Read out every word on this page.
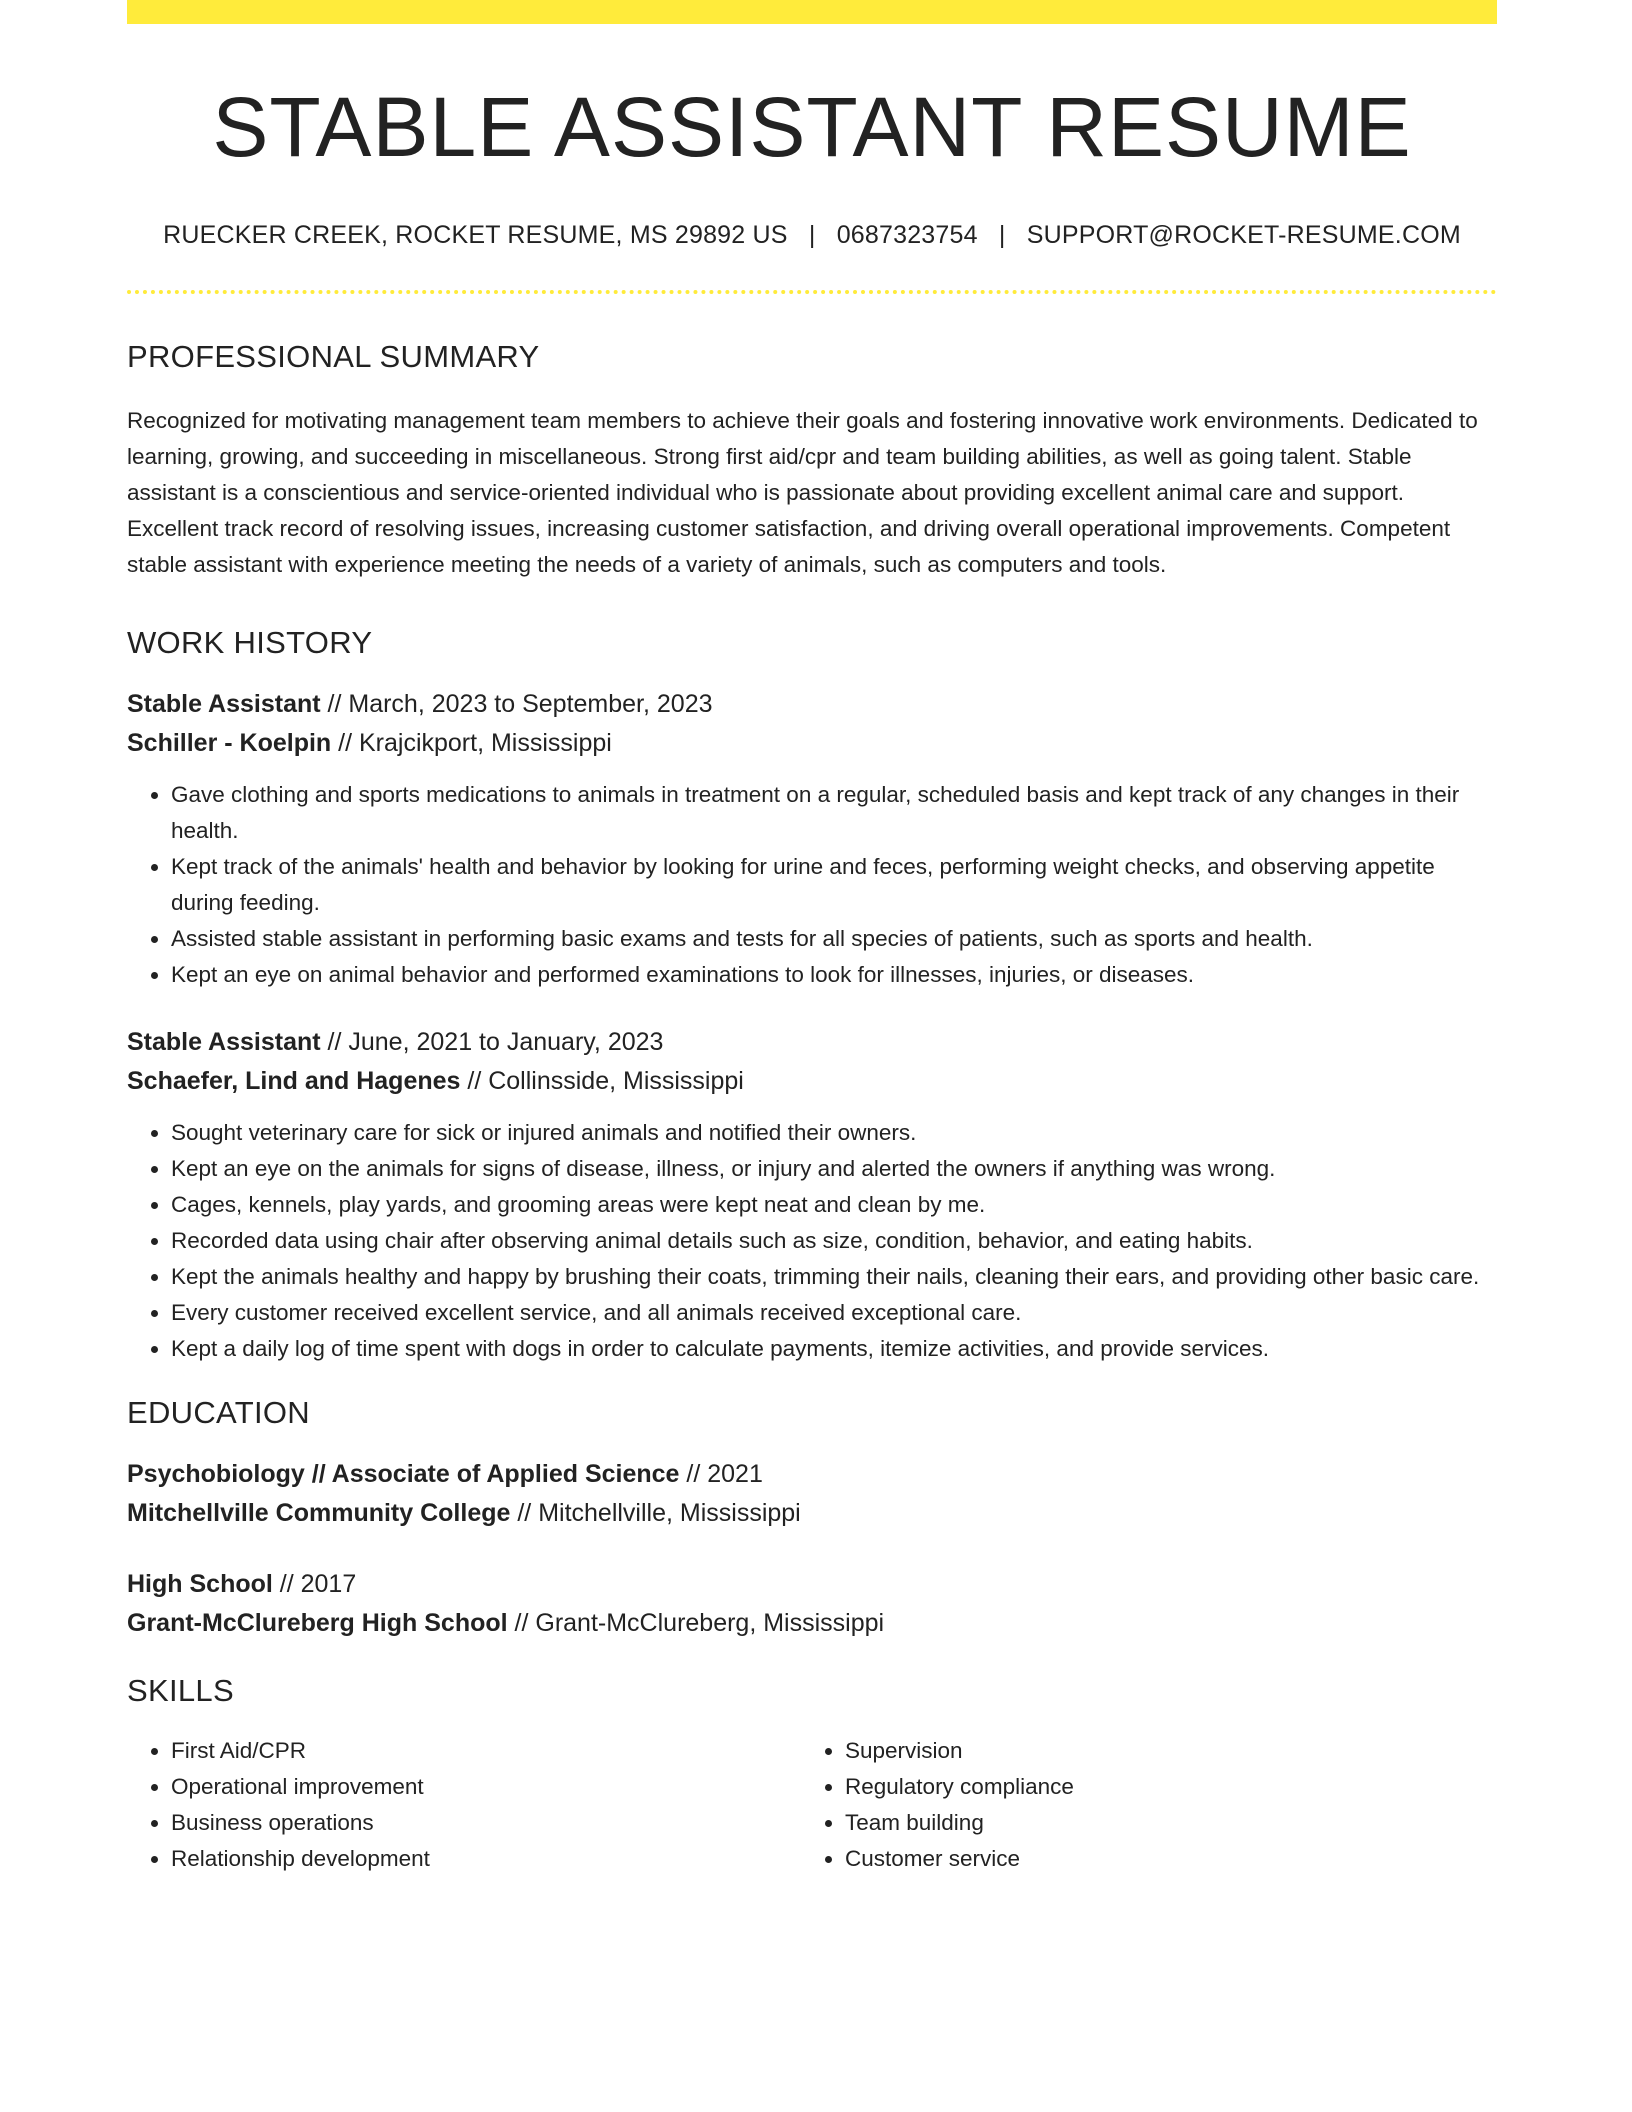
STABLE ASSISTANT RESUME
RUECKER CREEK, ROCKET RESUME, MS 29892 US | 0687323754 | SUPPORT@ROCKET-RESUME.COM
PROFESSIONAL SUMMARY
Recognized for motivating management team members to achieve their goals and fostering innovative work environments. Dedicated to learning, growing, and succeeding in miscellaneous. Strong first aid/cpr and team building abilities, as well as going talent. Stable assistant is a conscientious and service-oriented individual who is passionate about providing excellent animal care and support. Excellent track record of resolving issues, increasing customer satisfaction, and driving overall operational improvements. Competent stable assistant with experience meeting the needs of a variety of animals, such as computers and tools.
WORK HISTORY
Stable Assistant // March, 2023 to September, 2023
Schiller - Koelpin // Krajcikport, Mississippi
• Gave clothing and sports medications to animals in treatment on a regular, scheduled basis and kept track of any changes in their health.
• Kept track of the animals' health and behavior by looking for urine and feces, performing weight checks, and observing appetite during feeding.
• Assisted stable assistant in performing basic exams and tests for all species of patients, such as sports and health.
• Kept an eye on animal behavior and performed examinations to look for illnesses, injuries, or diseases.
Stable Assistant // June, 2021 to January, 2023
Schaefer, Lind and Hagenes // Collinsside, Mississippi
• Sought veterinary care for sick or injured animals and notified their owners.
• Kept an eye on the animals for signs of disease, illness, or injury and alerted the owners if anything was wrong.
• Cages, kennels, play yards, and grooming areas were kept neat and clean by me.
• Recorded data using chair after observing animal details such as size, condition, behavior, and eating habits.
• Kept the animals healthy and happy by brushing their coats, trimming their nails, cleaning their ears, and providing other basic care.
• Every customer received excellent service, and all animals received exceptional care.
• Kept a daily log of time spent with dogs in order to calculate payments, itemize activities, and provide services.
EDUCATION
Psychobiology // Associate of Applied Science // 2021
Mitchellville Community College // Mitchellville, Mississippi
High School // 2017
Grant-McClureberg High School // Grant-McClureberg, Mississippi
SKILLS
• First Aid/CPR
• Operational improvement
• Business operations
• Relationship development
• Supervision
• Regulatory compliance
• Team building
• Customer service
